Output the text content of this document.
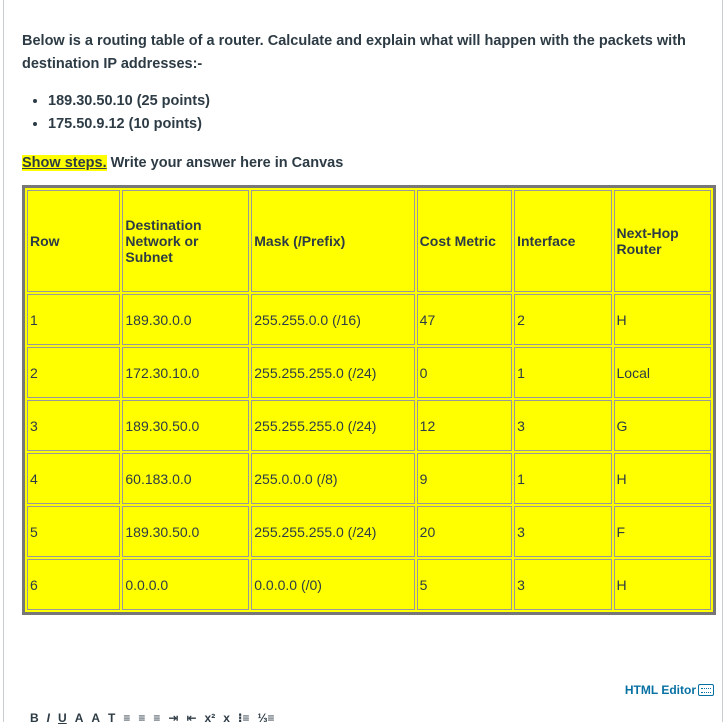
Below is a routing table of a router. Calculate and explain what will happen with the packets with destination IP addresses:-

• 189.30.50.10 (25 points)
• 175.50.9.12 (10 points)

Show steps. Write your answer here in Canvas

Row	Destination Network or Subnet	Mask (/Prefix)	Cost Metric	Interface	Next-Hop Router
1	189.30.0.0	255.255.0.0 (/16)	47	2	H
2	172.30.10.0	255.255.255.0 (/24)	0	1	Local
3	189.30.50.0	255.255.255.0 (/24)	12	3	G
4	60.183.0.0	255.0.0.0 (/8)	9	1	H
5	189.30.50.0	255.255.255.0 (/24)	20	3	F
6	0.0.0.0	0.0.0.0 (/0)	5	3	H
HTML Editor
B I U A A T ≡ ≡ ≡ ⇥ ⇤ x² x ⁝≡ ⅓≡
